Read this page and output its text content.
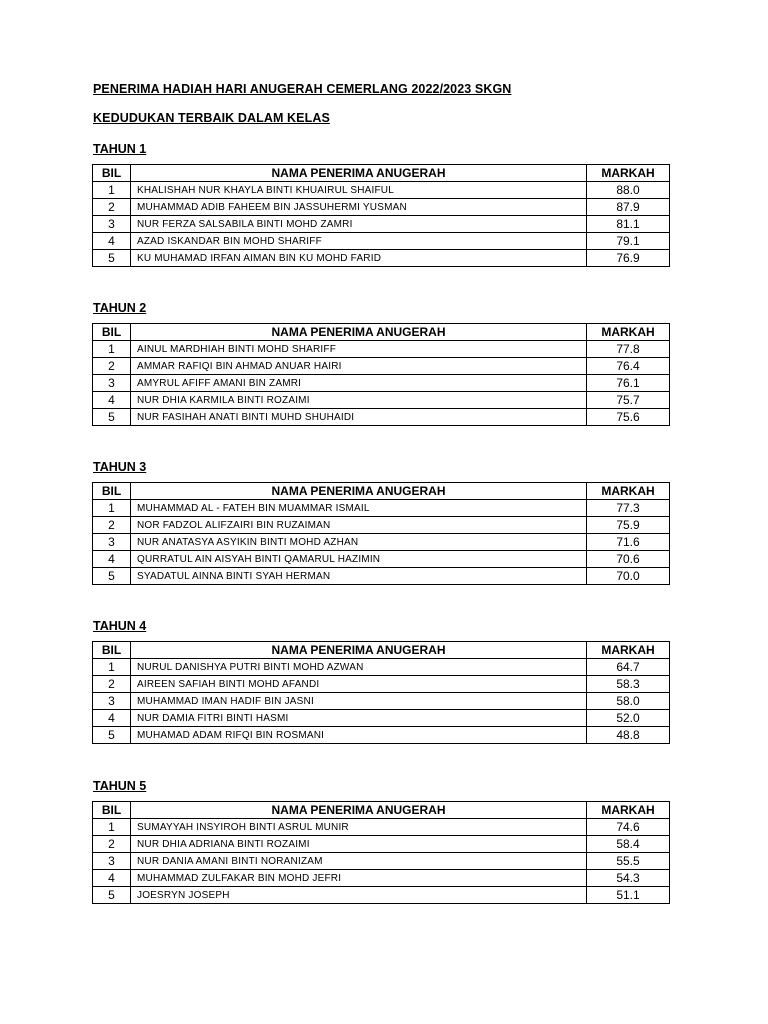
PENERIMA HADIAH HARI ANUGERAH CEMERLANG 2022/2023 SKGN
KEDUDUKAN TERBAIK DALAM KELAS
TAHUN 1
BIL	NAMA PENERIMA ANUGERAH	MARKAH
1	KHALISHAH NUR KHAYLA BINTI KHUAIRUL SHAIFUL	88.0
2	MUHAMMAD ADIB FAHEEM BIN JASSUHERMI YUSMAN	87.9
3	NUR FERZA SALSABILA BINTI MOHD ZAMRI	81.1
4	AZAD ISKANDAR BIN MOHD SHARIFF	79.1
5	KU MUHAMAD IRFAN AIMAN BIN KU MOHD FARID	76.9
TAHUN 2
BIL	NAMA PENERIMA ANUGERAH	MARKAH
1	AINUL MARDHIAH BINTI MOHD SHARIFF	77.8
2	AMMAR RAFIQI BIN AHMAD ANUAR HAIRI	76.4
3	AMYRUL AFIFF AMANI BIN ZAMRI	76.1
4	NUR DHIA KARMILA BINTI ROZAIMI	75.7
5	NUR FASIHAH ANATI BINTI MUHD SHUHAIDI	75.6
TAHUN 3
BIL	NAMA PENERIMA ANUGERAH	MARKAH
1	MUHAMMAD AL - FATEH BIN MUAMMAR ISMAIL	77.3
2	NOR FADZOL ALIFZAIRI BIN RUZAIMAN	75.9
3	NUR ANATASYA ASYIKIN BINTI MOHD AZHAN	71.6
4	QURRATUL AIN AISYAH BINTI QAMARUL HAZIMIN	70.6
5	SYADATUL AINNA BINTI SYAH HERMAN	70.0
TAHUN 4
BIL	NAMA PENERIMA ANUGERAH	MARKAH
1	NURUL DANISHYA PUTRI BINTI MOHD AZWAN	64.7
2	AIREEN SAFIAH BINTI MOHD AFANDI	58.3
3	MUHAMMAD IMAN HADIF BIN JASNI	58.0
4	NUR DAMIA FITRI BINTI HASMI	52.0
5	MUHAMAD ADAM RIFQI BIN ROSMANI	48.8
TAHUN 5
BIL	NAMA PENERIMA ANUGERAH	MARKAH
1	SUMAYYAH INSYIROH BINTI ASRUL MUNIR	74.6
2	NUR DHIA ADRIANA BINTI ROZAIMI	58.4
3	NUR DANIA AMANI BINTI NORANIZAM	55.5
4	MUHAMMAD ZULFAKAR BIN MOHD JEFRI	54.3
5	JOESRYN JOSEPH	51.1
